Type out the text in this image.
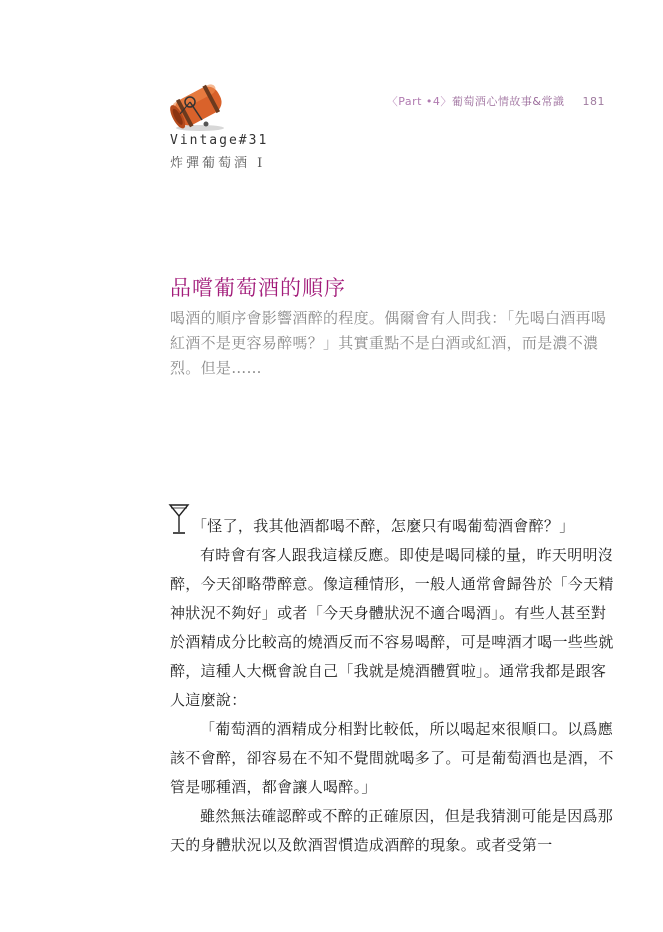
Vintage#31
炸彈葡萄酒 I
〈Part •4〉葡萄酒心情故事&常識 181
品嚐葡萄酒的順序

喝酒的順序會影響酒醉的程度。偶爾會有人問我：「先喝白酒再喝紅酒不是更容易醉嗎？」其實重點不是白酒或紅酒，而是濃不濃烈。但是……

「怪了，我其他酒都喝不醉，怎麼只有喝葡萄酒會醉？」

有時會有客人跟我這樣反應。即使是喝同樣的量，昨天明明沒醉，今天卻略帶醉意。像這種情形，一般人通常會歸咎於「今天精神狀況不夠好」或者「今天身體狀況不適合喝酒」。有些人甚至對於酒精成分比較高的燒酒反而不容易喝醉，可是啤酒才喝一些些就醉，這種人大概會說自己「我就是燒酒體質啦」。通常我都是跟客人這麼說：

「葡萄酒的酒精成分相對比較低，所以喝起來很順口。以爲應該不會醉，卻容易在不知不覺間就喝多了。可是葡萄酒也是酒，不管是哪種酒，都會讓人喝醉。」

雖然無法確認醉或不醉的正確原因，但是我猜測可能是因爲那天的身體狀況以及飲酒習慣造成酒醉的現象。或者受第一
